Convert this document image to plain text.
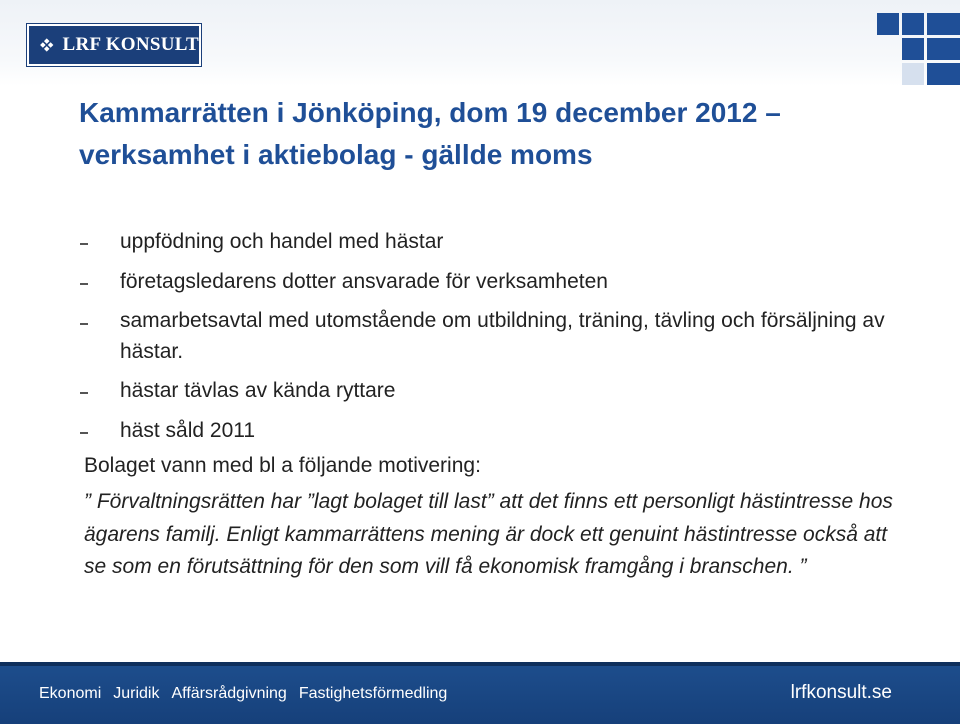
LRF KONSULT
Kammarrätten i Jönköping, dom 19 december 2012 –
verksamhet i aktiebolag - gällde moms
uppfödning och handel med hästar
företagsledarens dotter ansvarade för verksamheten
samarbetsavtal med utomstående om utbildning, träning, tävling och försäljning av hästar.
hästar tävlas av kända ryttare
häst såld 2011

Bolaget vann med bl a följande motivering:

” Förvaltningsrätten har ”lagt bolaget till last” att det finns ett personligt hästintresse hos ägarens familj. Enligt kammarrättens mening är dock ett genuint hästintresse också att se som en förutsättning för den som vill få ekonomisk framgång i branschen. ”

Ekonomi Juridik Affärsrådgivning Fastighetsförmedling	lrfkonsult.se
